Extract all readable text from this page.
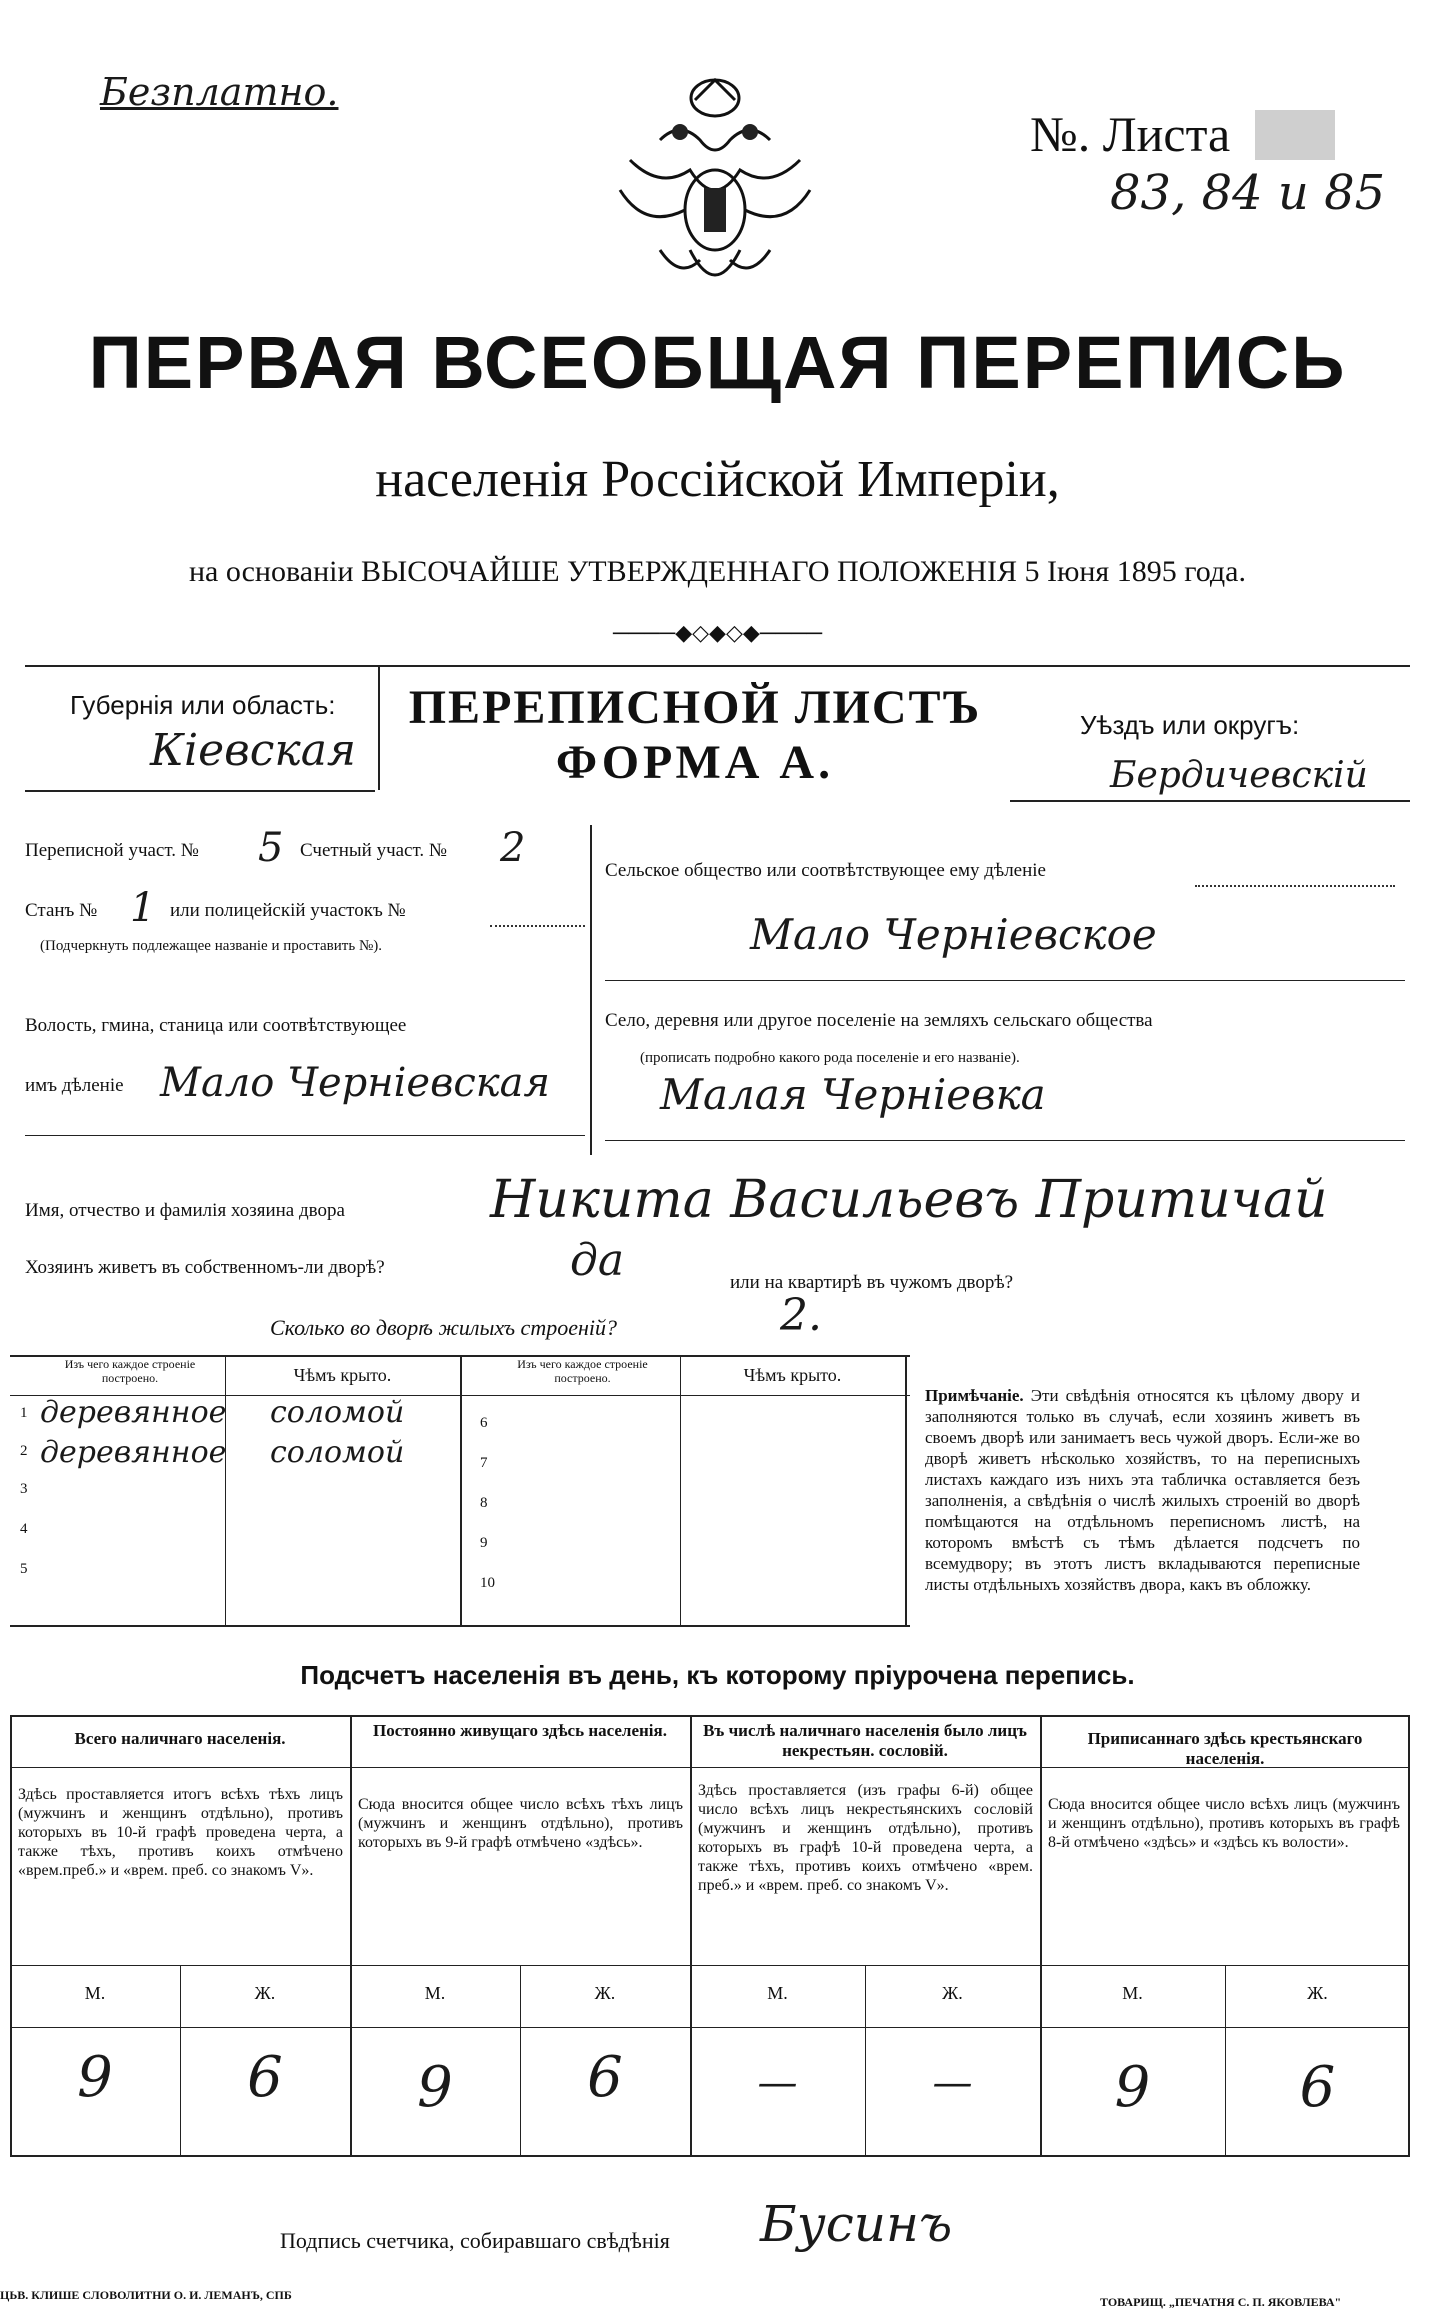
Безплатно.
№. Листа
83, 84 и 85
ПЕРВАЯ ВСЕОБЩАЯ ПЕРЕПИСЬ
населенія Россійской Имперіи,
на основаніи ВЫСОЧАЙШЕ УТВЕРЖДЕННАГО ПОЛОЖЕНІЯ 5 Іюня 1895 года.
────◆◇◆◇◆────
Губернія или область:
Кіевская
ПЕРЕПИСНОЙ ЛИСТЪ
ФОРМА А.
Уѣздъ или округъ:
Бердичевскій
Переписной участ. № 5 Счетный участ. № 2
Станъ № 1 или полицейскій участокъ №
(Подчеркнуть подлежащее названіе и проставить №).
Волость, гмина, станица или соотвѣтствующее
имъ дѣленіе Мало Черніевская
Сельское общество или соотвѣтствующее ему дѣленіе
Мало Черніевское
Село, деревня или другое поселеніе на земляхъ сельскаго общества
(прописать подробно какого рода поселеніе и его названіе).
Малая Черніевка
Имя, отчество и фамилія хозяина двора	Никита Васильевъ Притичай
Хозяинъ живетъ въ собственномъ-ли дворѣ?	да	или на квартирѣ въ чужомъ дворѣ?
Сколько во дворѣ жилыхъ строеній?	2.
Изъ чего каждое строеніе построено.	Чѣмъ крыто.
Изъ чего каждое строеніе построено.	Чѣмъ крыто.
1 деревянное соломой
2 деревянное соломой
3
4
5
6
7
8
9
10
Примѣчаніе. Эти свѣдѣнія относятся къ цѣлому двору и заполняются только въ случаѣ, если хозяинъ живетъ въ своемъ дворѣ или занимаетъ весь чужой дворъ. Если-же во дворѣ живетъ нѣсколько хозяйствъ, то на переписныхъ листахъ каждаго изъ нихъ эта табличка оставляется безъ заполненія, а свѣдѣнія о числѣ жилыхъ строеній во дворѣ помѣщаются на отдѣльномъ переписномъ листѣ, на которомъ вмѣстѣ съ тѣмъ дѣлается подсчетъ по всемудвору; въ этотъ листъ вкладываются переписные листы отдѣльныхъ хозяйствъ двора, какъ въ обложку.
Подсчетъ населенія въ день, къ которому пріурочена перепись.
Всего наличнаго населенія.
Здѣсь проставляется итогъ всѣхъ тѣхъ лицъ (мужчинъ и женщинъ отдѣльно), противъ которыхъ въ 10-й графѣ проведена черта, а также тѣхъ, противъ коихъ отмѣчено «врем.преб.» и «врем. преб. со знакомъ V».
Постоянно живущаго здѣсь населенія.
Сюда вносится общее число всѣхъ тѣхъ лицъ (мужчинъ и женщинъ отдѣльно), противъ которыхъ въ 9-й графѣ отмѣчено «здѣсь».
Въ числѣ наличнаго населенія было лицъ некрестьян. сословій.
Здѣсь проставляется (изъ графы 6-й) общее число всѣхъ лицъ некрестьянскихъ сословій (мужчинъ и женщинъ отдѣльно), противъ которыхъ въ графѣ 10-й проведена черта, а также тѣхъ, противъ коихъ отмѣчено «врем. преб.» и «врем. преб. со знакомъ V».
Приписаннаго здѣсь крестьянскаго населенія.
Сюда вносится общее число всѣхъ лицъ (мужчинъ и женщинъ отдѣльно), противъ которыхъ въ графѣ 8-й отмѣчено «здѣсь» и «здѣсь къ волости».
М.	Ж.	М.	Ж.	М.	Ж.	М.	Ж.
9	6	9	6	—	—	9	6
Подпись счетчика, собиравшаго свѣдѣнія Бусинъ
ЦЬВ. КЛИШЕ СЛОВОЛИТНИ О. И. ЛЕМАНЪ, СПБ	ТОВАРИЩ. „ПЕЧАТНЯ С. П. ЯКОВЛЕВА"
